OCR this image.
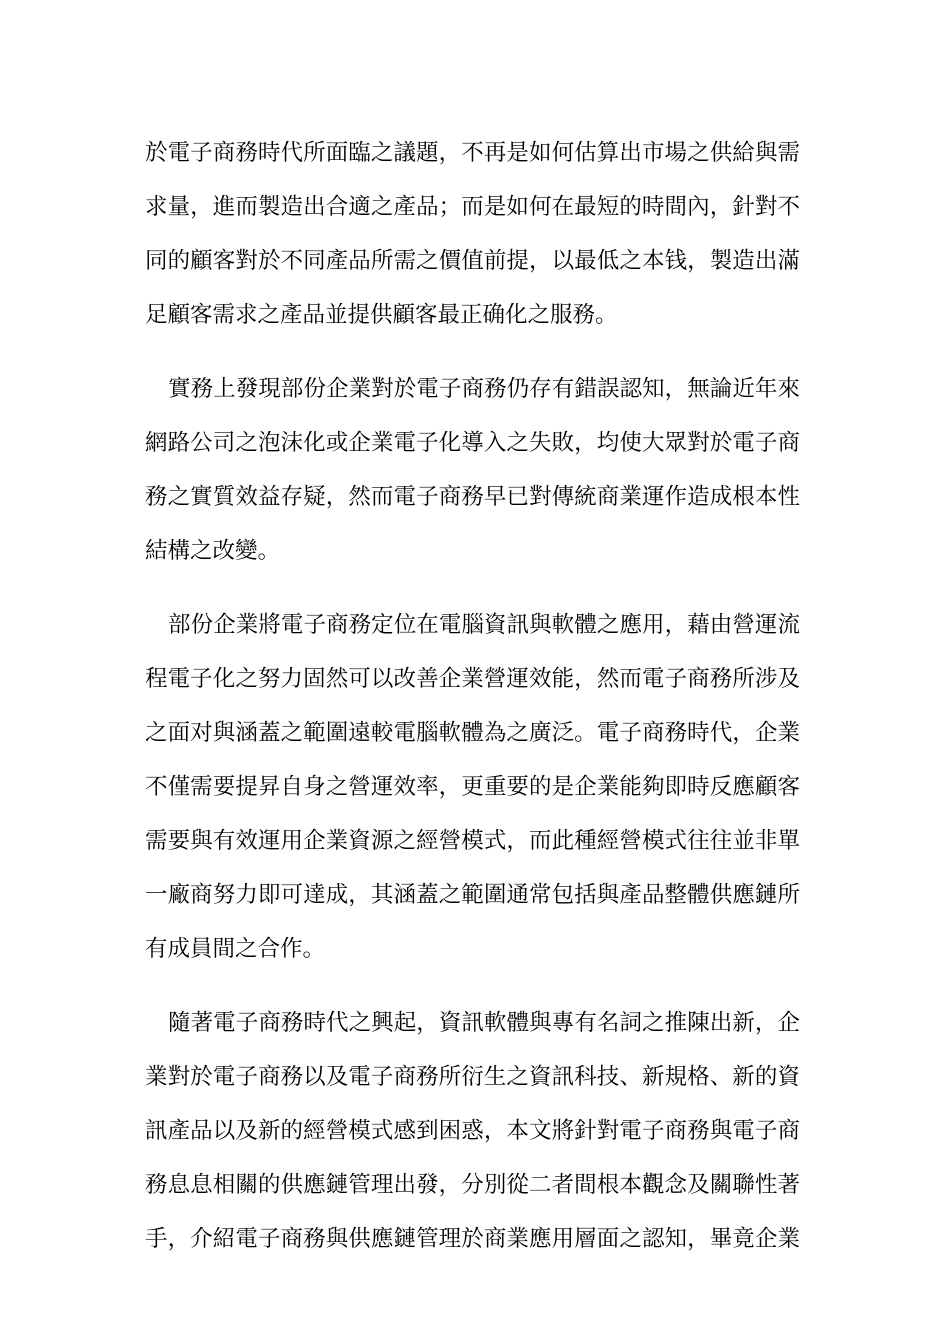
於電子商務時代所面臨之議題，不再是如何估算出市場之供給與需
求量，進而製造出合適之產品；而是如何在最短的時間內，針對不
同的顧客對於不同產品所需之價值前提，以最低之本钱，製造出滿
足顧客需求之產品並提供顧客最正确化之服務。
實務上發現部份企業對於電子商務仍存有錯誤認知，無論近年來
網路公司之泡沫化或企業電子化導入之失敗，均使大眾對於電子商
務之實質效益存疑，然而電子商務早已對傳統商業運作造成根本性
結構之改變。
部份企業將電子商務定位在電腦資訊與軟體之應用，藉由營運流
程電子化之努力固然可以改善企業營運效能，然而電子商務所涉及
之面对與涵蓋之範圍遠較電腦軟體為之廣泛。電子商務時代，企業
不僅需要提昇自身之營運效率，更重要的是企業能夠即時反應顧客
需要與有效運用企業資源之經營模式，而此種經營模式往往並非單
一廠商努力即可達成，其涵蓋之範圍通常包括與產品整體供應鏈所
有成員間之合作。
隨著電子商務時代之興起，資訊軟體與專有名詞之推陳出新，企
業對於電子商務以及電子商務所衍生之資訊科技、新規格、新的資
訊產品以及新的經營模式感到困惑，本文將針對電子商務與電子商
務息息相關的供應鏈管理出發，分別從二者間根本觀念及關聯性著
手，介紹電子商務與供應鏈管理於商業應用層面之認知，畢竟企業
